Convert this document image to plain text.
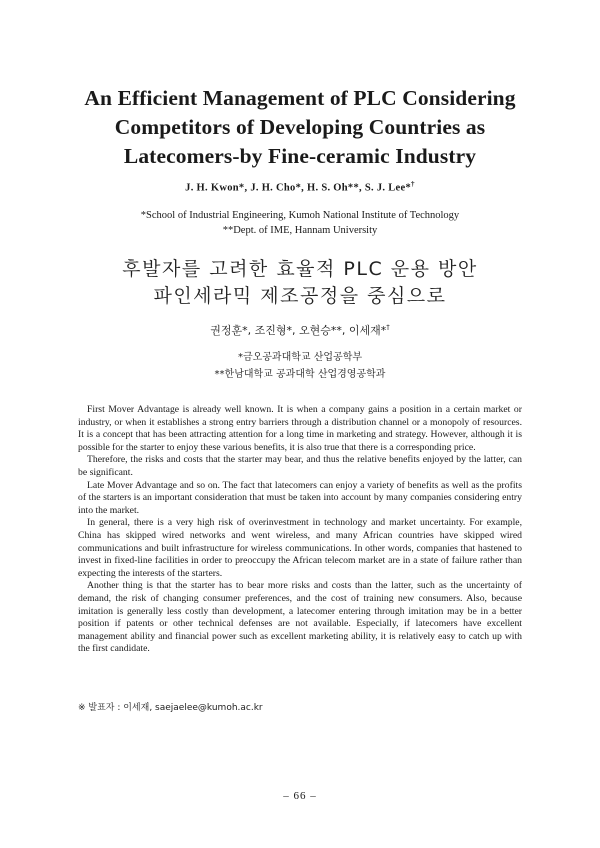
An Efficient Management of PLC Considering
Competitors of Developing Countries as
Latecomers-by Fine-ceramic Industry
J. H. Kwon*, J. H. Cho*, H. S. Oh**, S. J. Lee*†
*School of Industrial Engineering, Kumoh National Institute of Technology
**Dept. of IME, Hannam University
후발자를 고려한 효율적 PLC 운용 방안
파인세라믹 제조공정을 중심으로
권정훈*, 조진형*, 오현승**, 이세재*†
*금오공과대학교 산업공학부
**한남대학교 공과대학 산업경영공학과

First Mover Advantage is already well known. It is when a company gains a position in a certain market or industry, or when it establishes a strong entry barriers through a distribution channel or a monopoly of resources. It is a concept that has been attracting attention for a long time in marketing and strategy. However, although it is possible for the starter to enjoy these various benefits, it is also true that there is a corresponding price.

Therefore, the risks and costs that the starter may bear, and thus the relative benefits enjoyed by the latter, can be significant.

Late Mover Advantage and so on. The fact that latecomers can enjoy a variety of benefits as well as the profits of the starters is an important consideration that must be taken into account by many companies considering entry into the market.

In general, there is a very high risk of overinvestment in technology and market uncertainty. For example, China has skipped wired networks and went wireless, and many African countries have skipped wired communications and built infrastructure for wireless communications. In other words, companies that hastened to invest in fixed-line facilities in order to preoccupy the African telecom market are in a state of failure rather than expecting the interests of the starters.

Another thing is that the starter has to bear more risks and costs than the latter, such as the uncertainty of demand, the risk of changing consumer preferences, and the cost of training new consumers. Also, because imitation is generally less costly than development, a latecomer entering through imitation may be in a better position if patents or other technical defenses are not available. Especially, if latecomers have excellent management ability and financial power such as excellent marketing ability, it is relatively easy to catch up with the first candidate.

※ 발표자 : 이세재, saejaelee@kumoh.ac.kr
– 66 –
